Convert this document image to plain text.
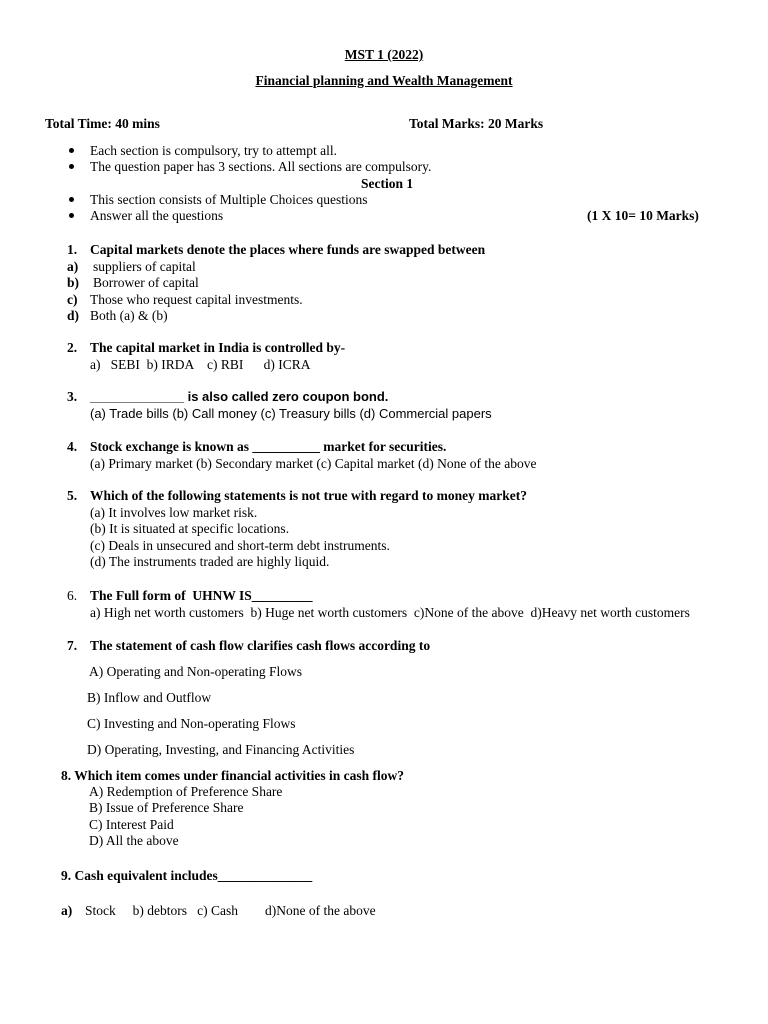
MST 1 (2022)
Financial planning and Wealth Management
Total Time: 40 mins	Total Marks: 20 Marks
Each section is compulsory, try to attempt all.
The question paper has 3 sections. All sections are compulsory.
Section 1
This section consists of Multiple Choices questions
Answer all the questions	(1 X 10= 10 Marks)
1. Capital markets denote the places where funds are swapped between
a) suppliers of capital
b) Borrower of capital
c) Those who request capital investments.
d) Both (a) & (b)
2. The capital market in India is controlled by-
a)   SEBI  b) IRDA    c) RBI      d) ICRA
3. _____________ is also called zero coupon bond.
(a) Trade bills (b) Call money (c) Treasury bills (d) Commercial papers
4. Stock exchange is known as __________ market for securities.
(a) Primary market (b) Secondary market (c) Capital market (d) None of the above
5. Which of the following statements is not true with regard to money market?
(a) It involves low market risk.
(b) It is situated at specific locations.
(c) Deals in unsecured and short-term debt instruments.
(d) The instruments traded are highly liquid.
6. The Full form of  UHNW IS_________
a) High net worth customers  b) Huge net worth customers  c)None of the above  d)Heavy net worth customers
7. The statement of cash flow clarifies cash flows according to
A) Operating and Non-operating Flows
B) Inflow and Outflow
C) Investing and Non-operating Flows
D) Operating, Investing, and Financing Activities
8. Which item comes under financial activities in cash flow?
A) Redemption of Preference Share
B) Issue of Preference Share
C) Interest Paid
D) All the above
9. Cash equivalent includes______________
a) Stock     b) debtors   c) Cash        d)None of the above
